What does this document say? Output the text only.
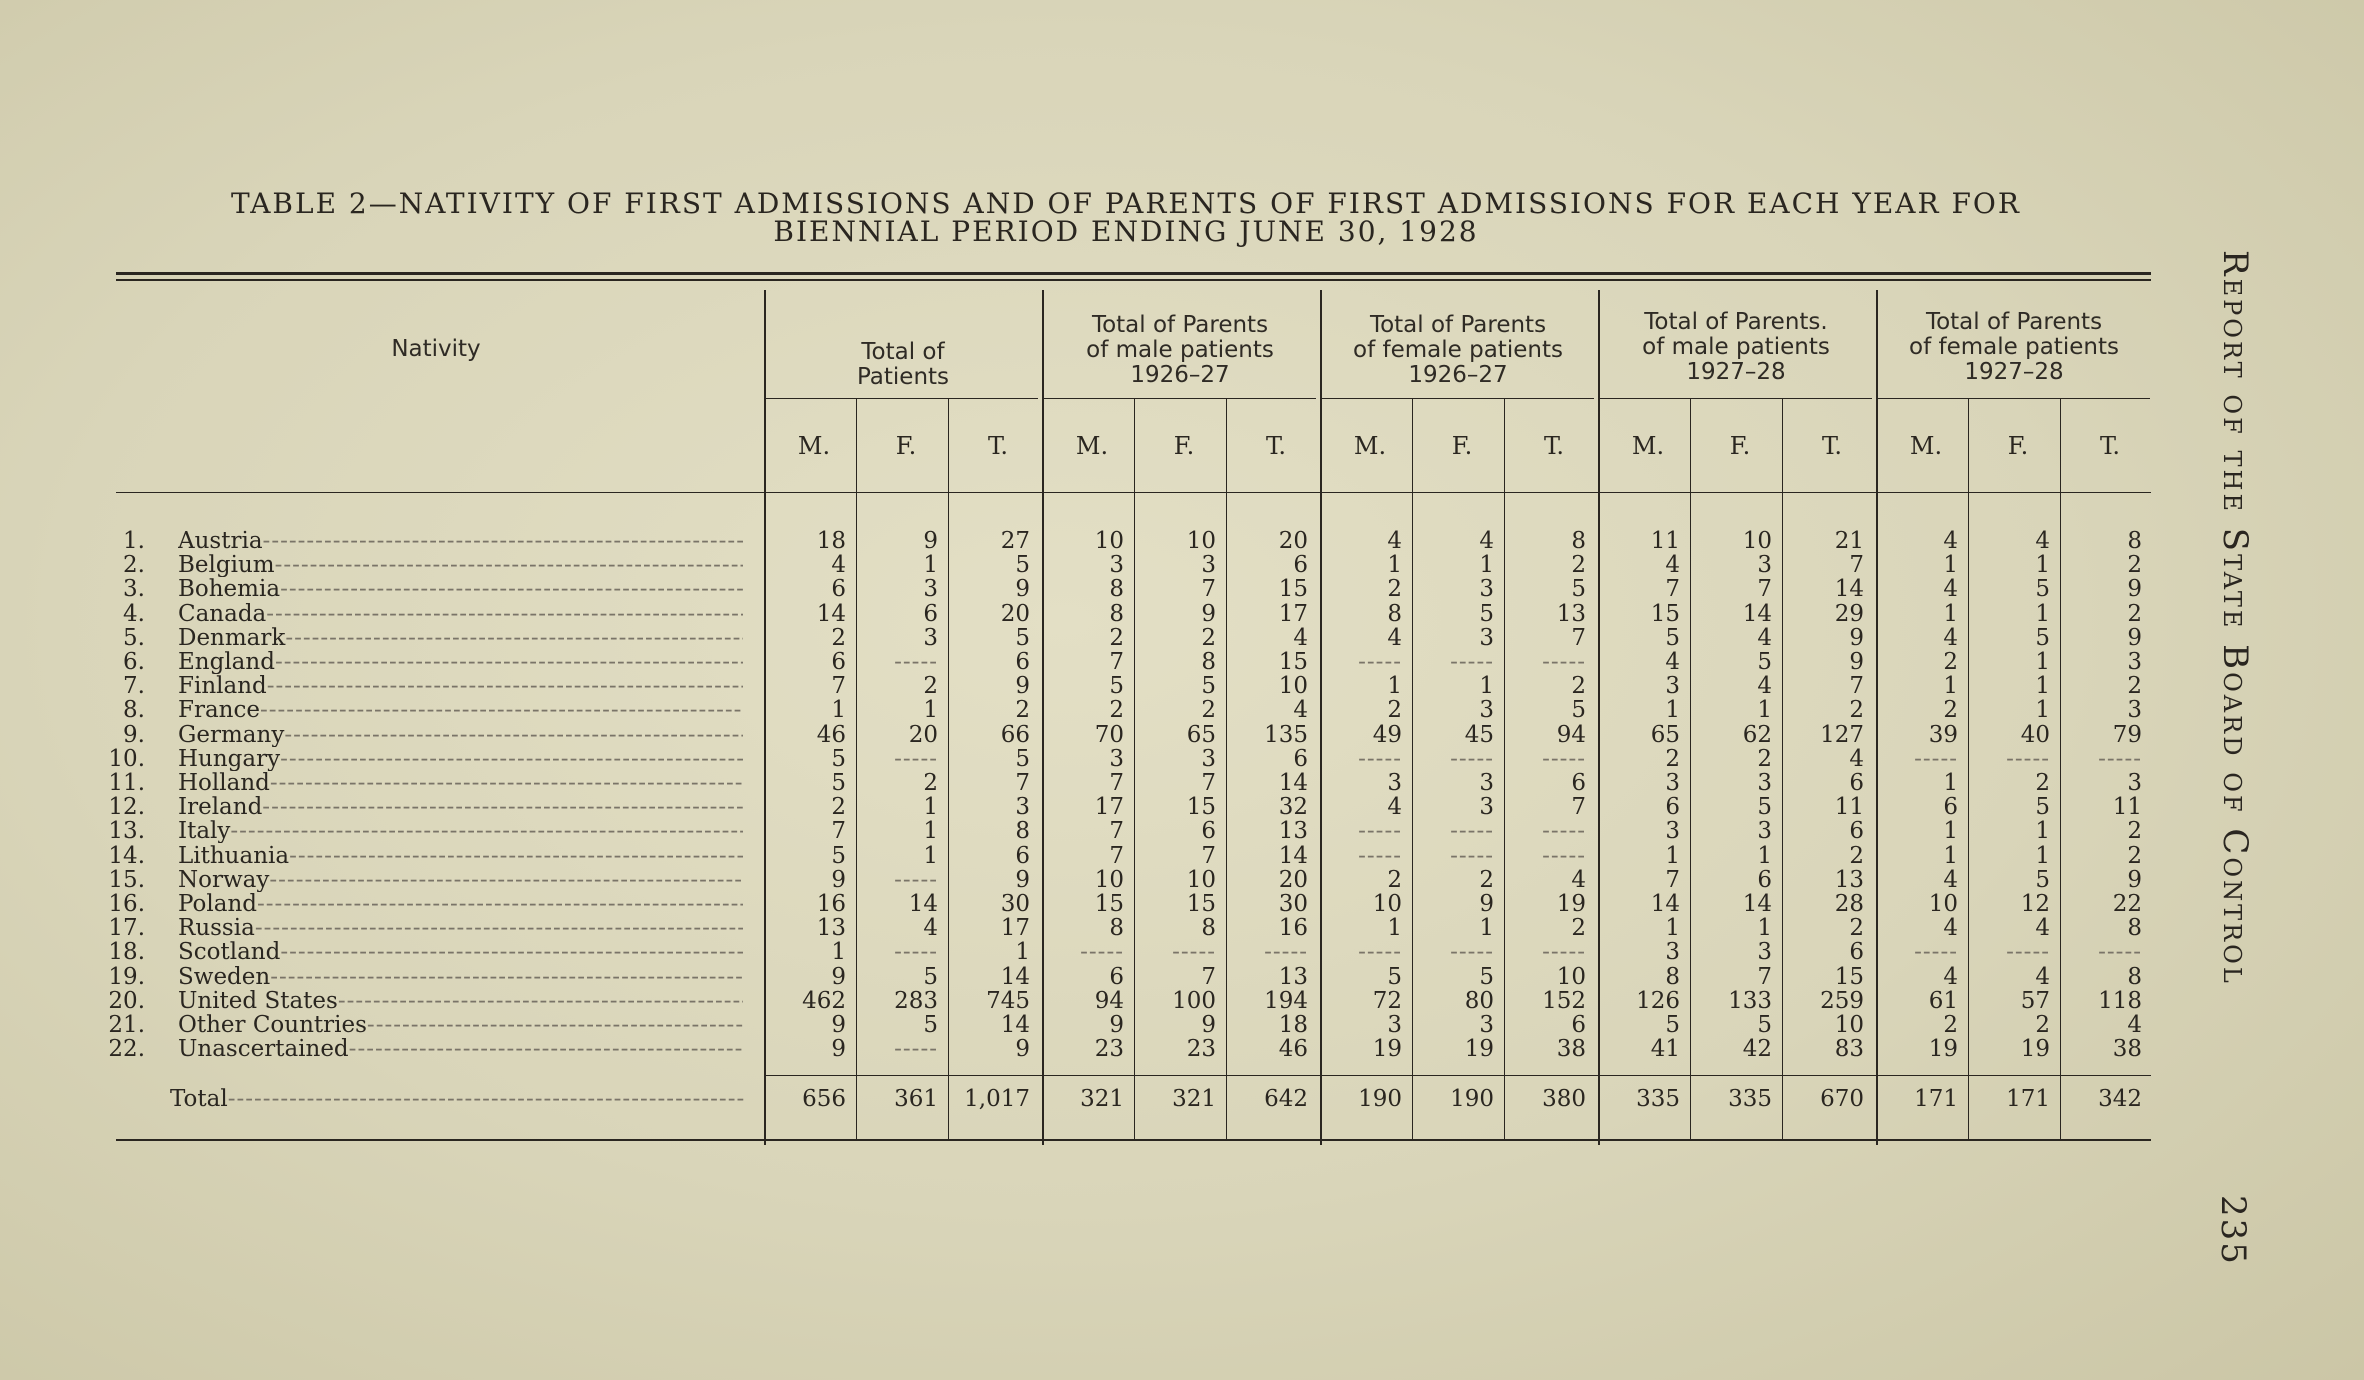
TABLE 2—NATIVITY OF FIRST ADMISSIONS AND OF PARENTS OF FIRST ADMISSIONS FOR EACH YEAR FOR
BIENNIAL PERIOD ENDING JUNE 30, 1928
Report of the State Board of Control
235
Nativity	Total of
Patients
Total of Parents
of male patients
1926–27
Total of Parents
of female patients
1926–27
Total of Parents.
of male patients
1927–28
Total of Parents
of female patients
1927–28
M.	F.	T.	M.	F.	T.	M.	F.	T.	M.	F.	T.	M.	F.	T.
1. Austria -----	18	9	27	10	10	20	4	4	8	11	10	21	4	4	8
2. Belgium -----	4	1	5	3	3	6	1	1	2	4	3	7	1	1	2
3. Bohemia -----	6	3	9	8	7	15	2	3	5	7	7	14	4	5	9
4. Canada -----	14	6	20	8	9	17	8	5	13	15	14	29	1	1	2
5. Denmark -----	2	3	5	2	2	4	4	3	7	5	4	9	4	5	9
6. England -----	6	-----	6	7	8	15	-----	-----	-----	4	5	9	2	1	3
7. Finland -----	7	2	9	5	5	10	1	1	2	3	4	7	1	1	2
8. France -----	1	1	2	2	2	4	2	3	5	1	1	2	2	1	3
9. Germany -----	46	20	66	70	65	135	49	45	94	65	62	127	39	40	79
10. Hungary -----	5	-----	5	3	3	6	-----	-----	-----	2	2	4	-----	-----	-----
11. Holland -----	5	2	7	7	7	14	3	3	6	3	3	6	1	2	3
12. Ireland -----	2	1	3	17	15	32	4	3	7	6	5	11	6	5	11
13. Italy -----	7	1	8	7	6	13	-----	-----	-----	3	3	6	1	1	2
14. Lithuania -----	5	1	6	7	7	14	-----	-----	-----	1	1	2	1	1	2
15. Norway -----	9	-----	9	10	10	20	2	2	4	7	6	13	4	5	9
16. Poland -----	16	14	30	15	15	30	10	9	19	14	14	28	10	12	22
17. Russia -----	13	4	17	8	8	16	1	1	2	1	1	2	4	4	8
18. Scotland -----	1	-----	1	-----	-----	-----	-----	-----	-----	3	3	6	-----	-----	-----
19. Sweden -----	9	5	14	6	7	13	5	5	10	8	7	15	4	4	8
20. United States -----	462	283	745	94	100	194	72	80	152	126	133	259	61	57	118
21. Other Countries -----	9	5	14	9	9	18	3	3	6	5	5	10	2	2	4
22. Unascertained -----	9	-----	9	23	23	46	19	19	38	41	42	83	19	19	38
Total -----	656	361	1,017	321	321	642	190	190	380	335	335	670	171	171	342
